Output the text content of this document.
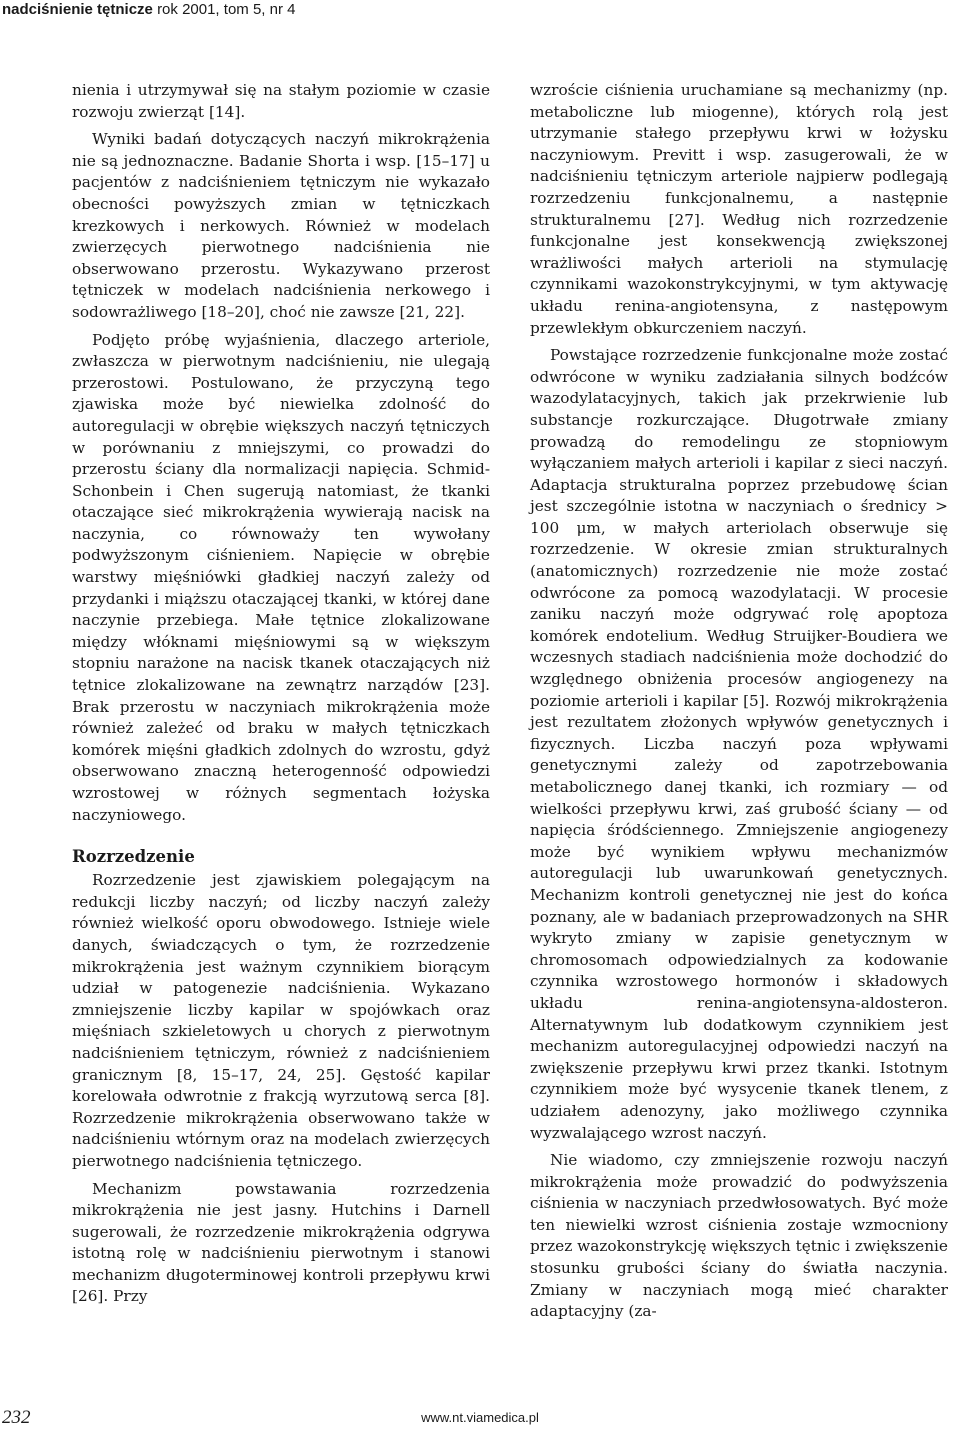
nadciśnienie tętnicze rok 2001, tom 5, nr 4

nienia i utrzymywał się na stałym poziomie w czasie rozwoju zwierząt [14].

Wyniki badań dotyczących naczyń mikrokrążenia nie są jednoznaczne. Badanie Shorta i wsp. [15–17] u pacjentów z nadciśnieniem tętniczym nie wykazało obecności powyższych zmian w tętniczkach krezkowych i nerkowych. Również w modelach zwierzęcych pierwotnego nadciśnienia nie obserwowano przerostu. Wykazywano przerost tętniczek w modelach nadciśnienia nerkowego i sodowrażliwego [18–20], choć nie zawsze [21, 22].

Podjęto próbę wyjaśnienia, dlaczego arteriole, zwłaszcza w pierwotnym nadciśnieniu, nie ulegają przerostowi. Postulowano, że przyczyną tego zjawiska może być niewielka zdolność do autoregulacji w obrębie większych naczyń tętniczych w porównaniu z mniejszymi, co prowadzi do przerostu ściany dla normalizacji napięcia. Schmid-Schonbein i Chen sugerują natomiast, że tkanki otaczające sieć mikrokrążenia wywierają nacisk na naczynia, co równoważy ten wywołany podwyższonym ciśnieniem. Napięcie w obrębie warstwy mięśniówki gładkiej naczyń zależy od przydanki i miąższu otaczającej tkanki, w której dane naczynie przebiega. Małe tętnice zlokalizowane między włóknami mięśniowymi są w większym stopniu narażone na nacisk tkanek otaczających niż tętnice zlokalizowane na zewnątrz narządów [23]. Brak przerostu w naczyniach mikrokrążenia może również zależeć od braku w małych tętniczkach komórek mięśni gładkich zdolnych do wzrostu, gdyż obserwowano znaczną heterogenność odpowiedzi wzrostowej w różnych segmentach łożyska naczyniowego.

Rozrzedzenie

Rozrzedzenie jest zjawiskiem polegającym na redukcji liczby naczyń; od liczby naczyń zależy również wielkość oporu obwodowego. Istnieje wiele danych, świadczących o tym, że rozrzedzenie mikrokrążenia jest ważnym czynnikiem biorącym udział w patogenezie nadciśnienia. Wykazano zmniejszenie liczby kapilar w spojówkach oraz mięśniach szkieletowych u chorych z pierwotnym nadciśnieniem tętniczym, również z nadciśnieniem granicznym [8, 15–17, 24, 25]. Gęstość kapilar korelowała odwrotnie z frakcją wyrzutową serca [8]. Rozrzedzenie mikrokrążenia obserwowano także w nadciśnieniu wtórnym oraz na modelach zwierzęcych pierwotnego nadciśnienia tętniczego.

Mechanizm powstawania rozrzedzenia mikrokrążenia nie jest jasny. Hutchins i Darnell sugerowali, że rozrzedzenie mikrokrążenia odgrywa istotną rolę w nadciśnieniu pierwotnym i stanowi mechanizm długoterminowej kontroli przepływu krwi [26]. Przy

wzroście ciśnienia uruchamiane są mechanizmy (np. metaboliczne lub miogenne), których rolą jest utrzymanie stałego przepływu krwi w łożysku naczyniowym. Previtt i wsp. zasugerowali, że w nadciśnieniu tętniczym arteriole najpierw podlegają rozrzedzeniu funkcjonalnemu, a następnie strukturalnemu [27]. Według nich rozrzedzenie funkcjonalne jest konsekwencją zwiększonej wrażliwości małych arterioli na stymulację czynnikami wazokonstrykcyjnymi, w tym aktywację układu renina-angiotensyna, z następowym przewlekłym obkurczeniem naczyń.

Powstające rozrzedzenie funkcjonalne może zostać odwrócone w wyniku zadziałania silnych bodźców wazodylatacyjnych, takich jak przekrwienie lub substancje rozkurczające. Długotrwałe zmiany prowadzą do remodelingu ze stopniowym wyłączaniem małych arterioli i kapilar z sieci naczyń. Adaptacja strukturalna poprzez przebudowę ścian jest szczególnie istotna w naczyniach o średnicy > 100 μm, w małych arteriolach obserwuje się rozrzedzenie. W okresie zmian strukturalnych (anatomicznych) rozrzedzenie nie może zostać odwrócone za pomocą wazodylatacji. W procesie zaniku naczyń może odgrywać rolę apoptoza komórek endotelium. Według Struijker-Boudiera we wczesnych stadiach nadciśnienia może dochodzić do względnego obniżenia procesów angiogenezy na poziomie arterioli i kapilar [5]. Rozwój mikrokrążenia jest rezultatem złożonych wpływów genetycznych i fizycznych. Liczba naczyń poza wpływami genetycznymi zależy od zapotrzebowania metabolicznego danej tkanki, ich rozmiary — od wielkości przepływu krwi, zaś grubość ściany — od napięcia śródściennego. Zmniejszenie angiogenezy może być wynikiem wpływu mechanizmów autoregulacji lub uwarunkowań genetycznych. Mechanizm kontroli genetycznej nie jest do końca poznany, ale w badaniach przeprowadzonych na SHR wykryto zmiany w zapisie genetycznym w chromosomach odpowiedzialnych za kodowanie czynnika wzrostowego hormonów i składowych układu renina-angiotensyna-aldosteron. Alternatywnym lub dodatkowym czynnikiem jest mechanizm autoregulacyjnej odpowiedzi naczyń na zwiększenie przepływu krwi przez tkanki. Istotnym czynnikiem może być wysycenie tkanek tlenem, z udziałem adenozyny, jako możliwego czynnika wyzwalającego wzrost naczyń.

Nie wiadomo, czy zmniejszenie rozwoju naczyń mikrokrążenia może prowadzić do podwyższenia ciśnienia w naczyniach przedwłosowatych. Być może ten niewielki wzrost ciśnienia zostaje wzmocniony przez wazokonstrykcję większych tętnic i zwiększenie stosunku grubości ściany do światła naczynia. Zmiany w naczyniach mogą mieć charakter adaptacyjny (za-

232	www.nt.viamedica.pl
